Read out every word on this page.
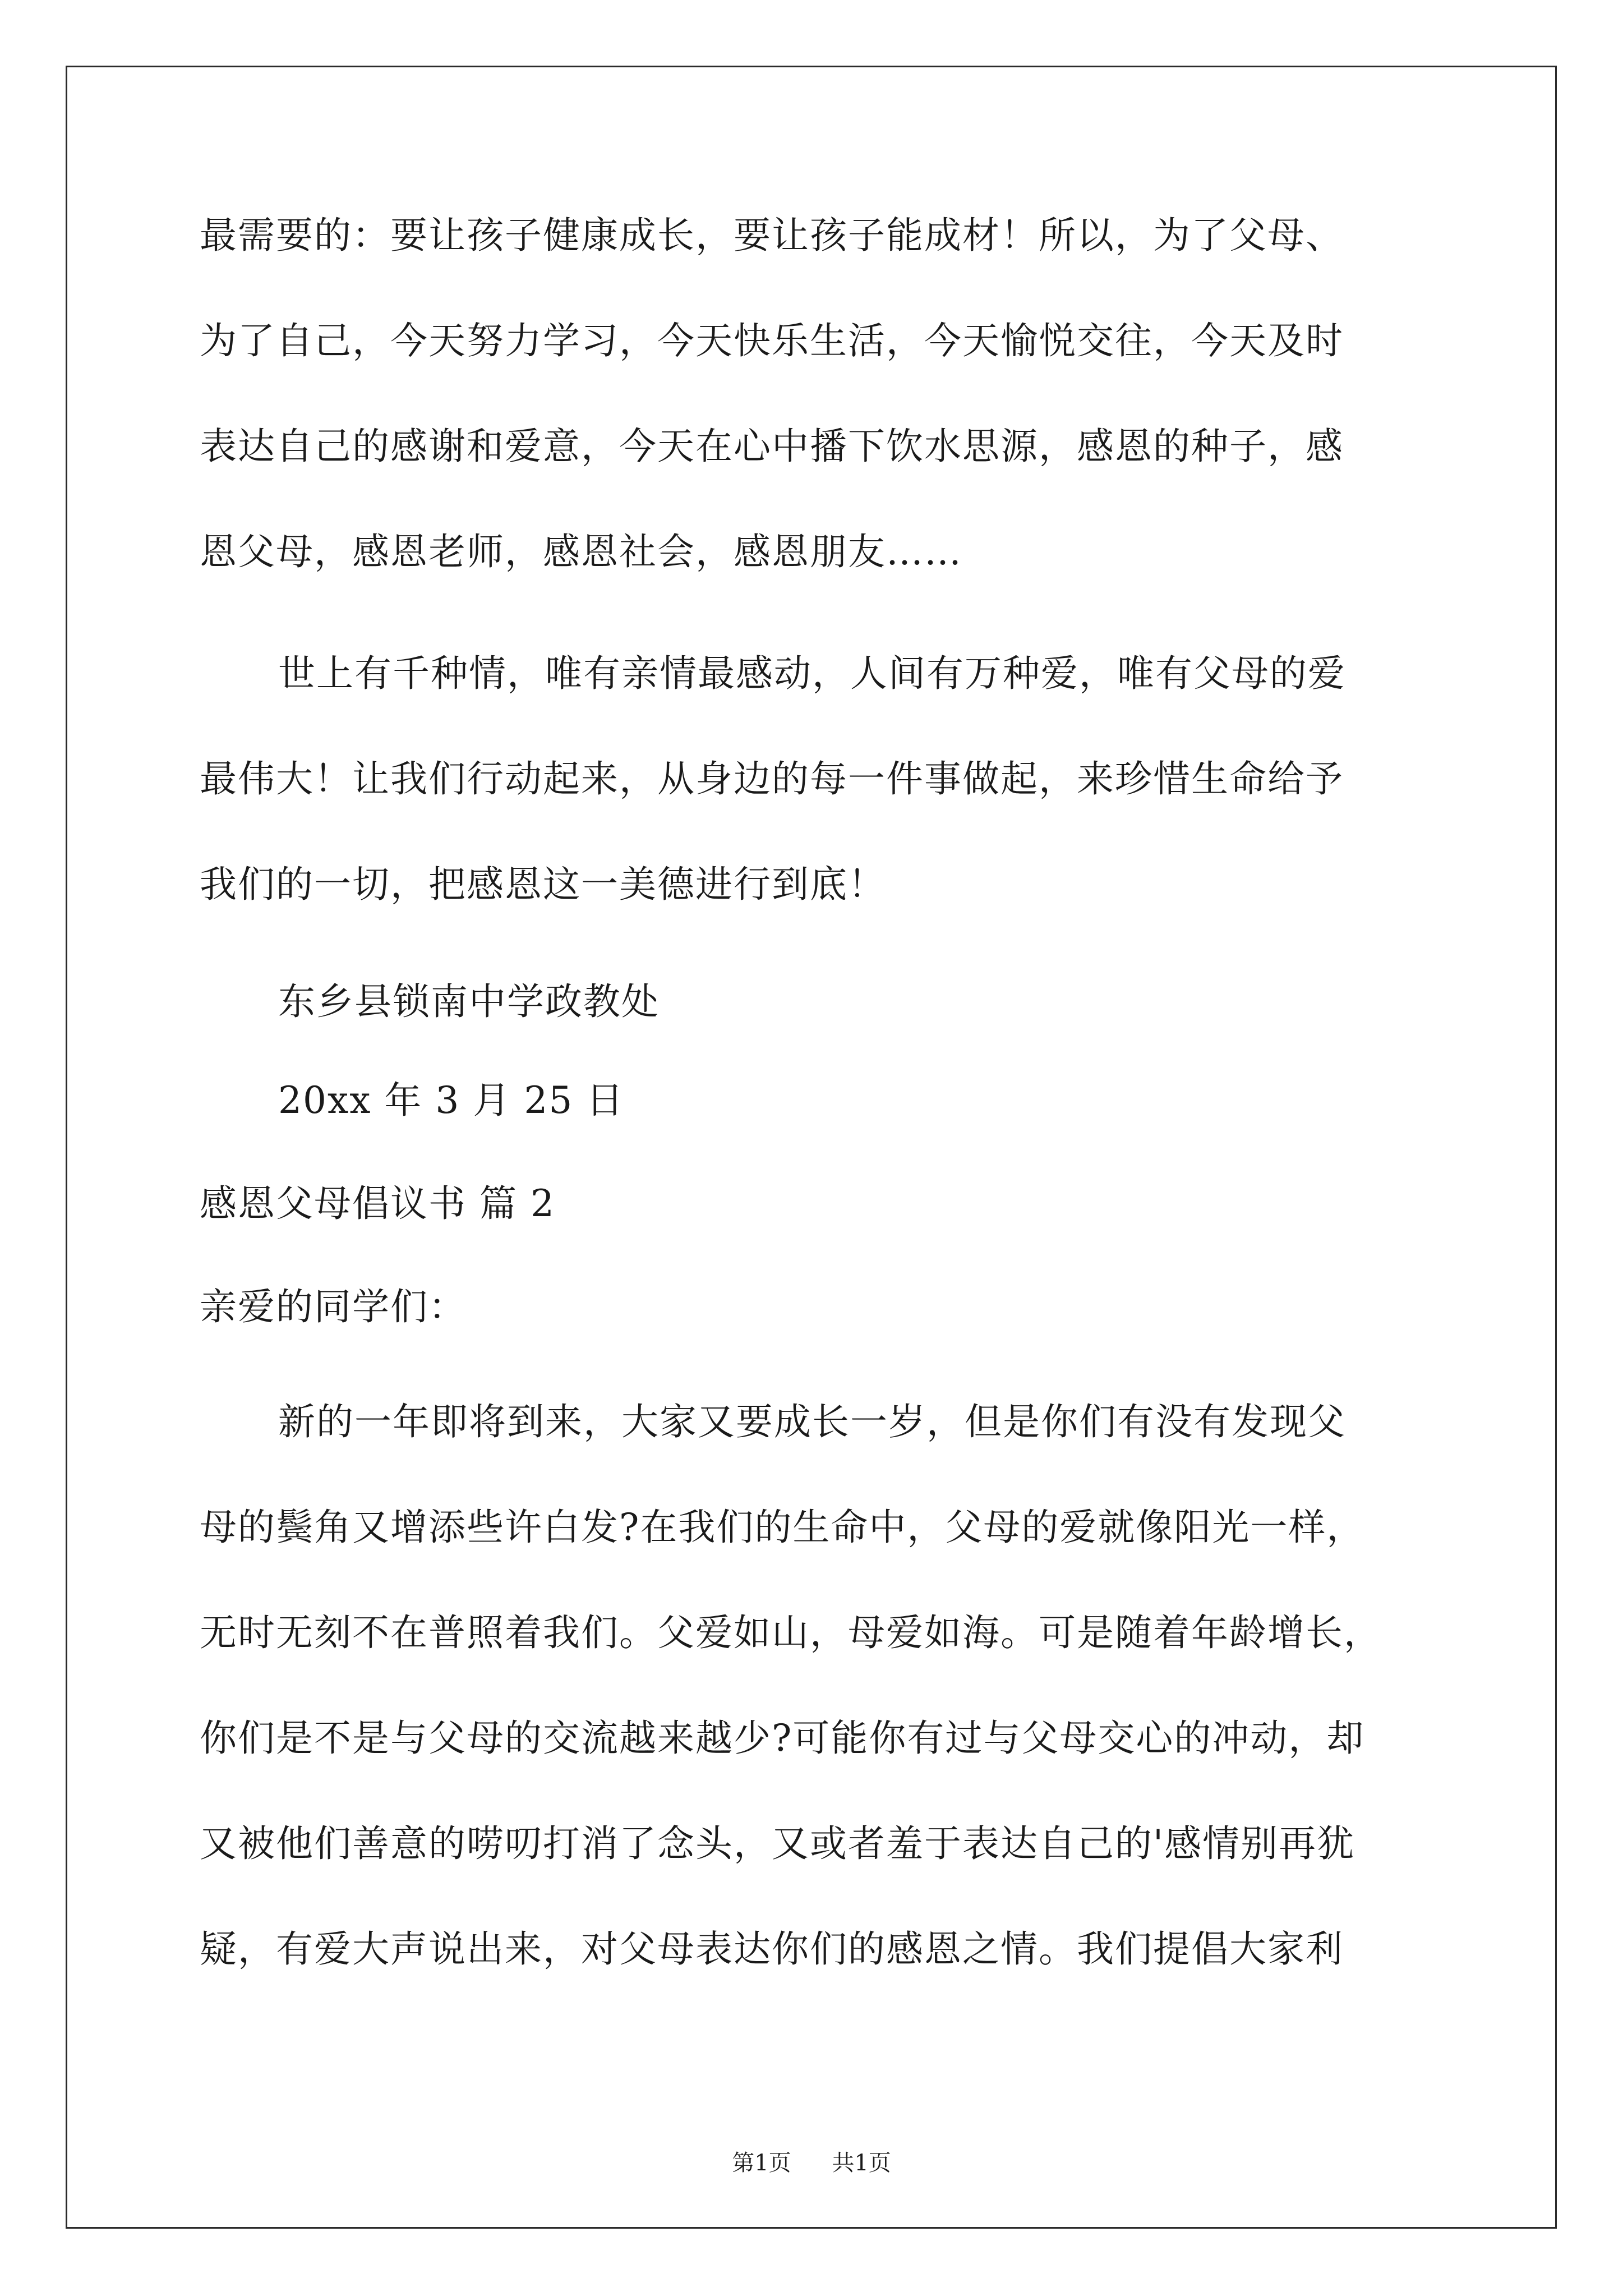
最需要的：要让孩子健康成长，要让孩子能成材！所以，为了父母、
为了自己，今天努力学习，今天快乐生活，今天愉悦交往，今天及时
表达自己的感谢和爱意，今天在心中播下饮水思源，感恩的种子，感
恩父母，感恩老师，感恩社会，感恩朋友……
世上有千种情，唯有亲情最感动，人间有万种爱，唯有父母的爱
最伟大！让我们行动起来，从身边的每一件事做起，来珍惜生命给予
我们的一切，把感恩这一美德进行到底！
东乡县锁南中学政教处
20xx 年 3 月 25 日
感恩父母倡议书 篇 2
亲爱的同学们：
新的一年即将到来，大家又要成长一岁，但是你们有没有发现父
母的鬓角又增添些许白发?在我们的生命中，父母的爱就像阳光一样，
无时无刻不在普照着我们。父爱如山，母爱如海。可是随着年龄增长，
你们是不是与父母的交流越来越少?可能你有过与父母交心的冲动，却
又被他们善意的唠叨打消了念头，又或者羞于表达自己的'感情别再犹
疑，有爱大声说出来，对父母表达你们的感恩之情。我们提倡大家利
第1页 共1页
